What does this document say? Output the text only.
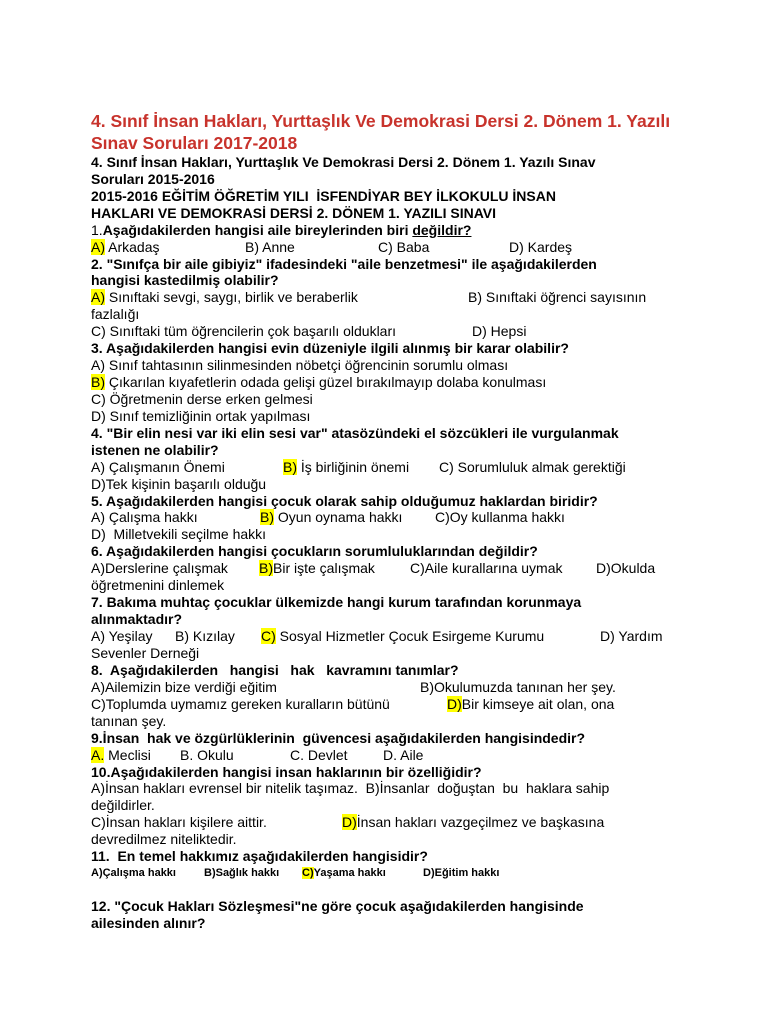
4. Sınıf İnsan Hakları, Yurttaşlık Ve Demokrasi Dersi 2. Dönem 1. Yazılı Sınav Soruları 2017-2018
4. Sınıf İnsan Hakları, Yurttaşlık Ve Demokrasi Dersi 2. Dönem 1. Yazılı Sınav
Soruları 2015-2016
2015-2016 EĞİTİM ÖĞRETİM YILI  İSFENDİYAR BEY İLKOKULU İNSAN
HAKLARI VE DEMOKRASİ DERSİ 2. DÖNEM 1. YAZILI SINAVI
1.Aşağıdakilerden hangisi aile bireylerinden biri değildir?
A) Arkadaş	B) Anne	C) Baba	D) Kardeş
2. "Sınıfça bir aile gibiyiz" ifadesindeki "aile benzetmesi" ile aşağıdakilerden
hangisi kastedilmiş olabilir?
A) Sınıftaki sevgi, saygı, birlik ve beraberlik	B) Sınıftaki öğrenci sayısının
fazlalığı
C) Sınıftaki tüm öğrencilerin çok başarılı oldukları	D) Hepsi
3. Aşağıdakilerden hangisi evin düzeniyle ilgili alınmış bir karar olabilir?
A) Sınıf tahtasının silinmesinden nöbetçi öğrencinin sorumlu olması
B) Çıkarılan kıyafetlerin odada gelişi güzel bırakılmayıp dolaba konulması
C) Öğretmenin derse erken gelmesi
D) Sınıf temizliğinin ortak yapılması
4. "Bir elin nesi var iki elin sesi var" atasözündeki el sözcükleri ile vurgulanmak
istenen ne olabilir?
A) Çalışmanın Önemi	B) İş birliğinin önemi C) Sorumluluk almak gerektiği
D)Tek kişinin başarılı olduğu
5. Aşağıdakilerden hangisi çocuk olarak sahip olduğumuz haklardan biridir?
A) Çalışma hakkı	B) Oyun oynama hakkı C)Oy kullanma hakkı
D)  Milletvekili seçilme hakkı
6. Aşağıdakilerden hangisi çocukların sorumluluklarından değildir?
A)Derslerine çalışmak B)Bir işte çalışmak	C)Aile kurallarına uymak D)Okulda
öğretmenini dinlemek
7. Bakıma muhtaç çocuklar ülkemizde hangi kurum tarafından korunmaya
alınmaktadır?
A) Yeşilay B) Kızılay C) Sosyal Hizmetler Çocuk Esirgeme Kurumu	D) Yardım
Sevenler Derneği
8.  Aşağıdakilerden   hangisi   hak   kavramını tanımlar?
A)Ailemizin bize verdiği eğitim	B)Okulumuzda tanınan her şey.
C)Toplumda uymamız gereken kuralların bütünü	D)Bir kimseye ait olan, ona
tanınan şey.
9.İnsan  hak ve özgürlüklerinin  güvencesi aşağıdakilerden hangisindedir?
A. Meclisi B. Okulu	C. Devlet	D. Aile
10.Aşağıdakilerden hangisi insan haklarının bir özelliğidir?
A)İnsan hakları evrensel bir nitelik taşımaz.  B)İnsanlar  doğuştan  bu  haklara sahip
değildirler.
C)İnsan hakları kişilere aittir.	D)İnsan hakları vazgeçilmez ve başkasına
devredilmez niteliktedir.
11.  En temel hakkımız aşağıdakilerden hangisidir?
A)Çalışma hakkı	B)Sağlık hakkı C)Yaşama hakkı	D)Eğitim hakkı
12. "Çocuk Hakları Sözleşmesi"ne göre çocuk aşağıdakilerden hangisinde
ailesinden alınır?
